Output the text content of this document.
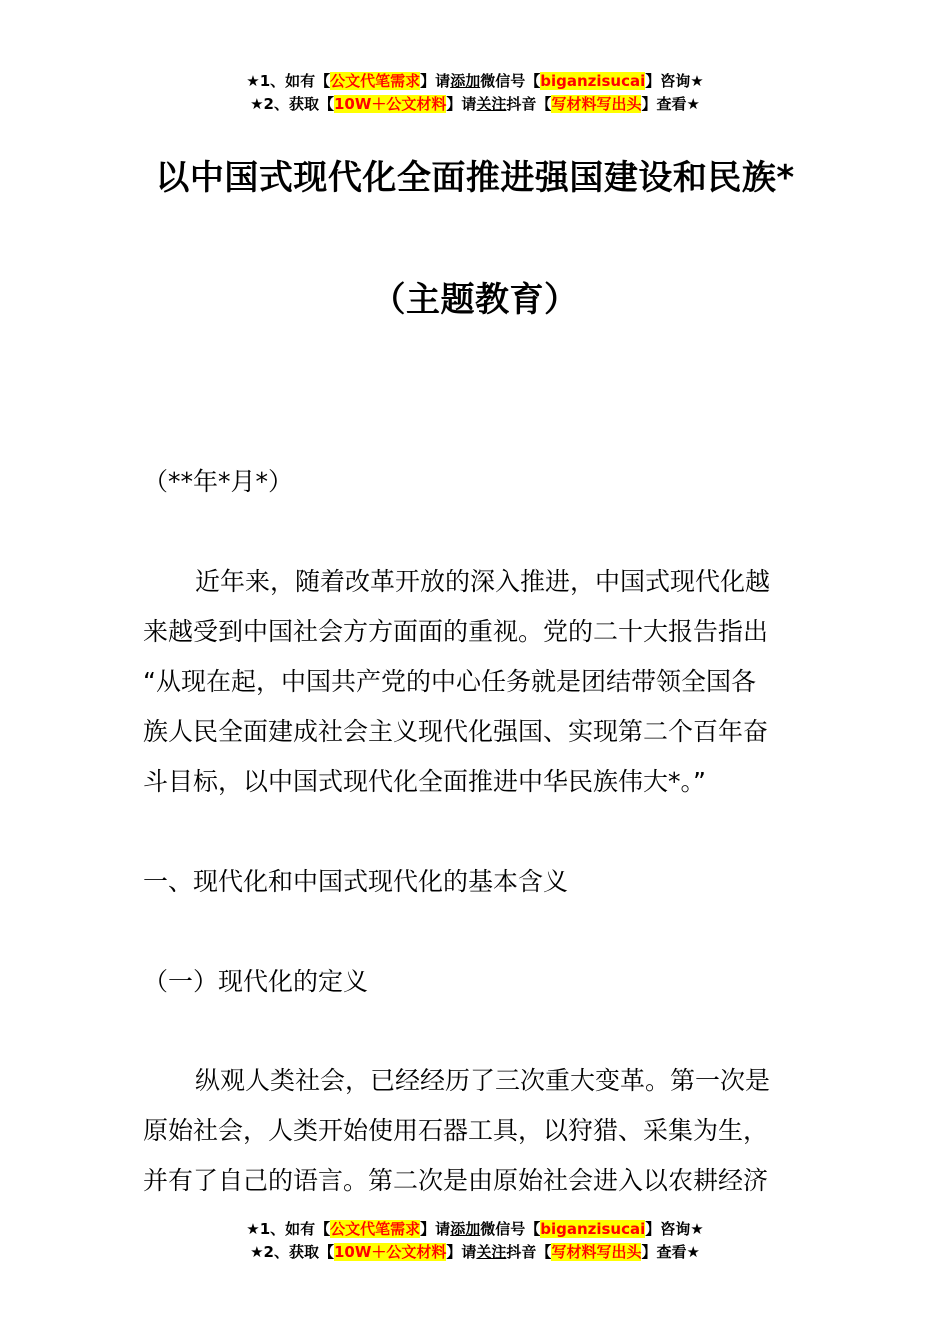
★1、如有【公文代笔需求】请添加微信号【biganzisucai】咨询★
★2、获取【10W＋公文材料】请关注抖音【写材料写出头】查看★
以中国式现代化全面推进强国建设和民族*
（主题教育）
（**年*月*）
近年来，随着改革开放的深入推进，中国式现代化越
来越受到中国社会方方面面的重视。党的二十大报告指出
“从现在起，中国共产党的中心任务就是团结带领全国各
族人民全面建成社会主义现代化强国、实现第二个百年奋
斗目标，以中国式现代化全面推进中华民族伟大*。”
一、现代化和中国式现代化的基本含义
（一）现代化的定义
纵观人类社会，已经经历了三次重大变革。第一次是
原始社会，人类开始使用石器工具，以狩猎、采集为生，
并有了自己的语言。第二次是由原始社会进入以农耕经济
★1、如有【公文代笔需求】请添加微信号【biganzisucai】咨询★
★2、获取【10W＋公文材料】请关注抖音【写材料写出头】查看★
